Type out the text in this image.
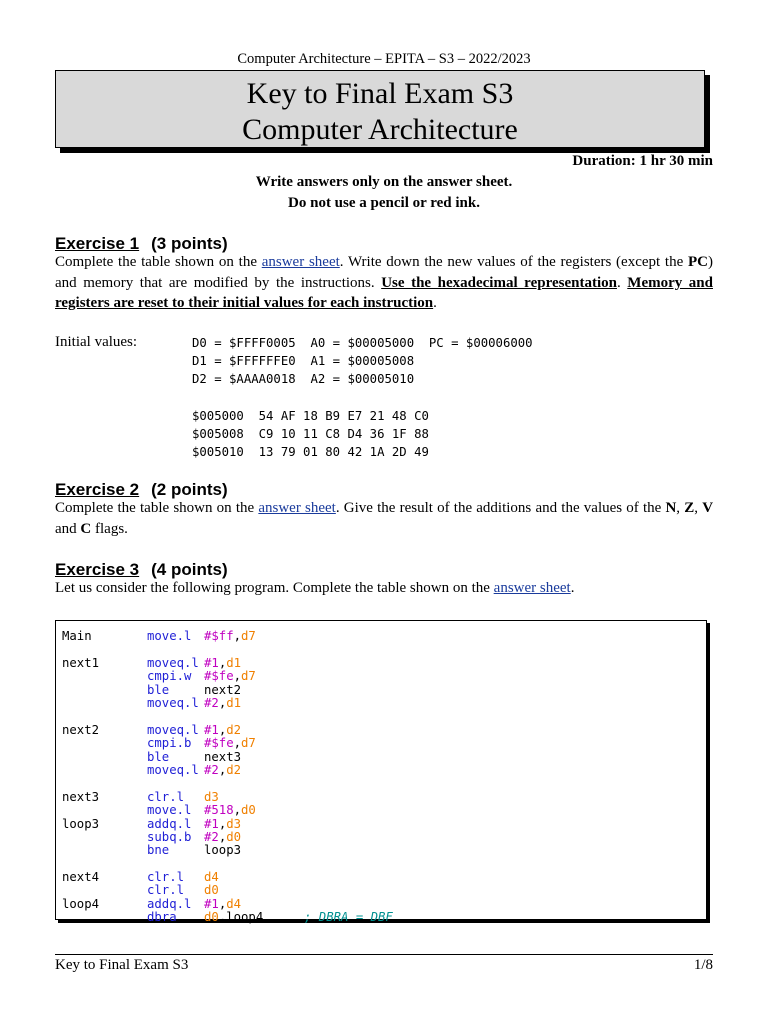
Computer Architecture – EPITA – S3 – 2022/2023
Key to Final Exam S3
Computer Architecture
Duration: 1 hr 30 min
Write answers only on the answer sheet.
Do not use a pencil or red ink.
Exercise 1 (3 points)
Complete the table shown on the answer sheet. Write down the new values of the registers (except the PC) and memory that are modified by the instructions. Use the hexadecimal representation. Memory and registers are reset to their initial values for each instruction.
Initial values:	D0 = $FFFF0005  A0 = $00005000  PC = $00006000
D1 = $FFFFFFE0  A1 = $00005008
D2 = $AAAA0018  A2 = $00005010
$005000  54 AF 18 B9 E7 21 48 C0
$005008  C9 10 11 C8 D4 36 1F 88
$005010  13 79 01 80 42 1A 2D 49
Exercise 2 (2 points)
Complete the table shown on the answer sheet. Give the result of the additions and the values of the N, Z, V and C flags.
Exercise 3 (4 points)
Let us consider the following program. Complete the table shown on the answer sheet.
Main	move.l #$ff,d7
next1	moveq.l #1,d1
cmpi.w #$fe,d7
ble	next2
moveq.l #2,d1
next2	moveq.l #1,d2
cmpi.b #$fe,d7
ble	next3
moveq.l #2,d2
next3	clr.l d3
move.l #518,d0
loop3	addq.l #1,d3
subq.b #2,d0
bne	loop3
next4	clr.l d4
clr.l d0
loop4	addq.l #1,d4
dbra d0,loop4	; DBRA = DBF
Key to Final Exam S3	1/8
